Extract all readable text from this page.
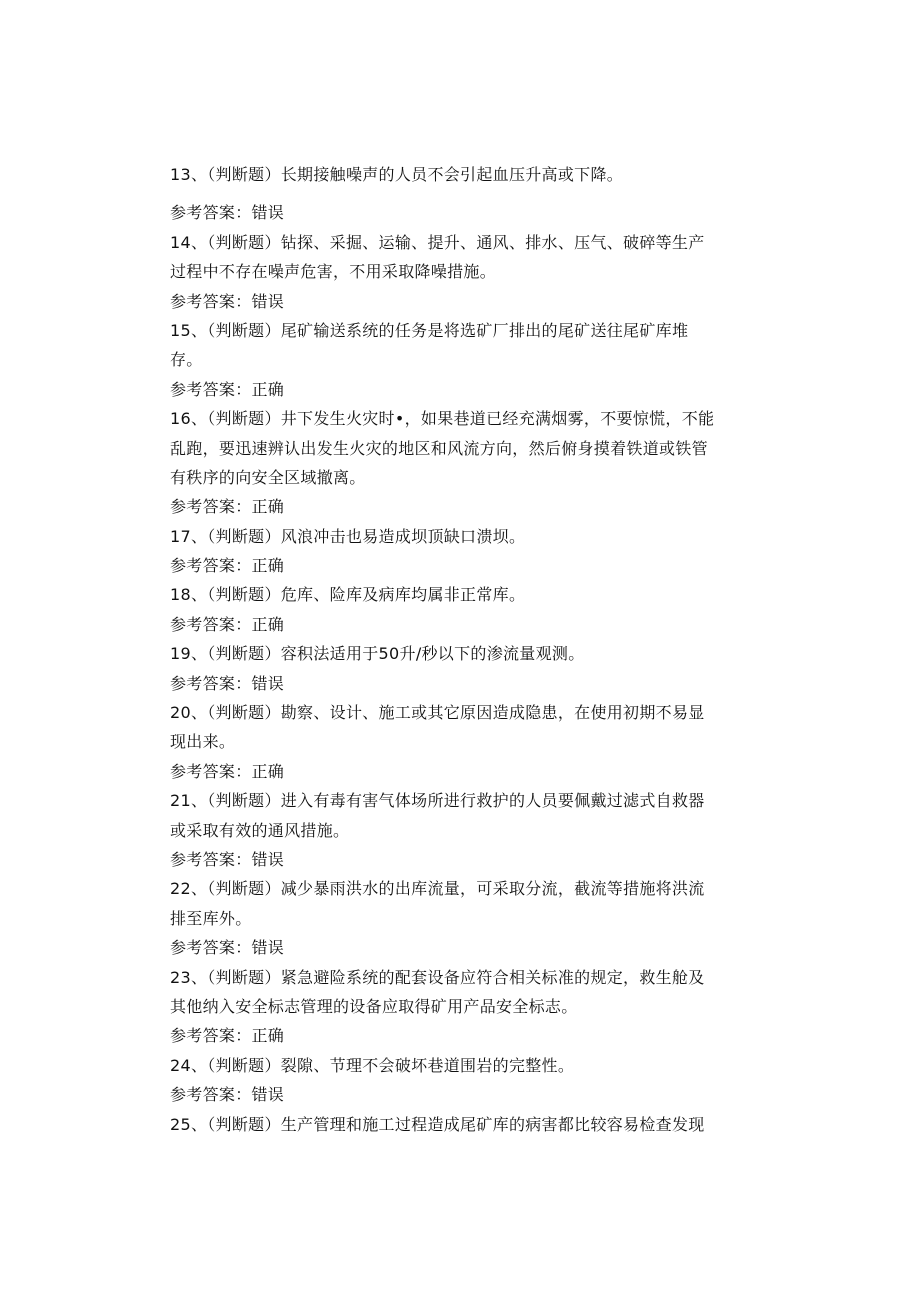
13、（判断题）长期接触噪声的人员不会引起血压升高或下降。
参考答案：错误
14、（判断题）钻探、采掘、运输、提升、通风、排水、压气、破碎等生产
过程中不存在噪声危害，不用采取降噪措施。
参考答案：错误
15、（判断题）尾矿输送系统的任务是将选矿厂排出的尾矿送往尾矿库堆
存。
参考答案：正确
16、（判断题）井下发生火灾时•，如果巷道已经充满烟雾，不要惊慌，不能
乱跑，要迅速辨认出发生火灾的地区和风流方向，然后俯身摸着铁道或铁管
有秩序的向安全区域撤离。
参考答案：正确
17、（判断题）风浪冲击也易造成坝顶缺口溃坝。
参考答案：正确
18、（判断题）危库、险库及病库均属非正常库。
参考答案：正确
19、（判断题）容积法适用于50升/秒以下的渗流量观测。
参考答案：错误
20、（判断题）勘察、设计、施工或其它原因造成隐患，在使用初期不易显
现出来。
参考答案：正确
21、（判断题）进入有毒有害气体场所进行救护的人员要佩戴过滤式自救器
或采取有效的通风措施。
参考答案：错误
22、（判断题）减少暴雨洪水的出库流量，可采取分流，截流等措施将洪流
排至库外。
参考答案：错误
23、（判断题）紧急避险系统的配套设备应符合相关标准的规定，救生舱及
其他纳入安全标志管理的设备应取得矿用产品安全标志。
参考答案：正确
24、（判断题）裂隙、节理不会破坏巷道围岩的完整性。
参考答案：错误
25、（判断题）生产管理和施工过程造成尾矿库的病害都比较容易检查发现
